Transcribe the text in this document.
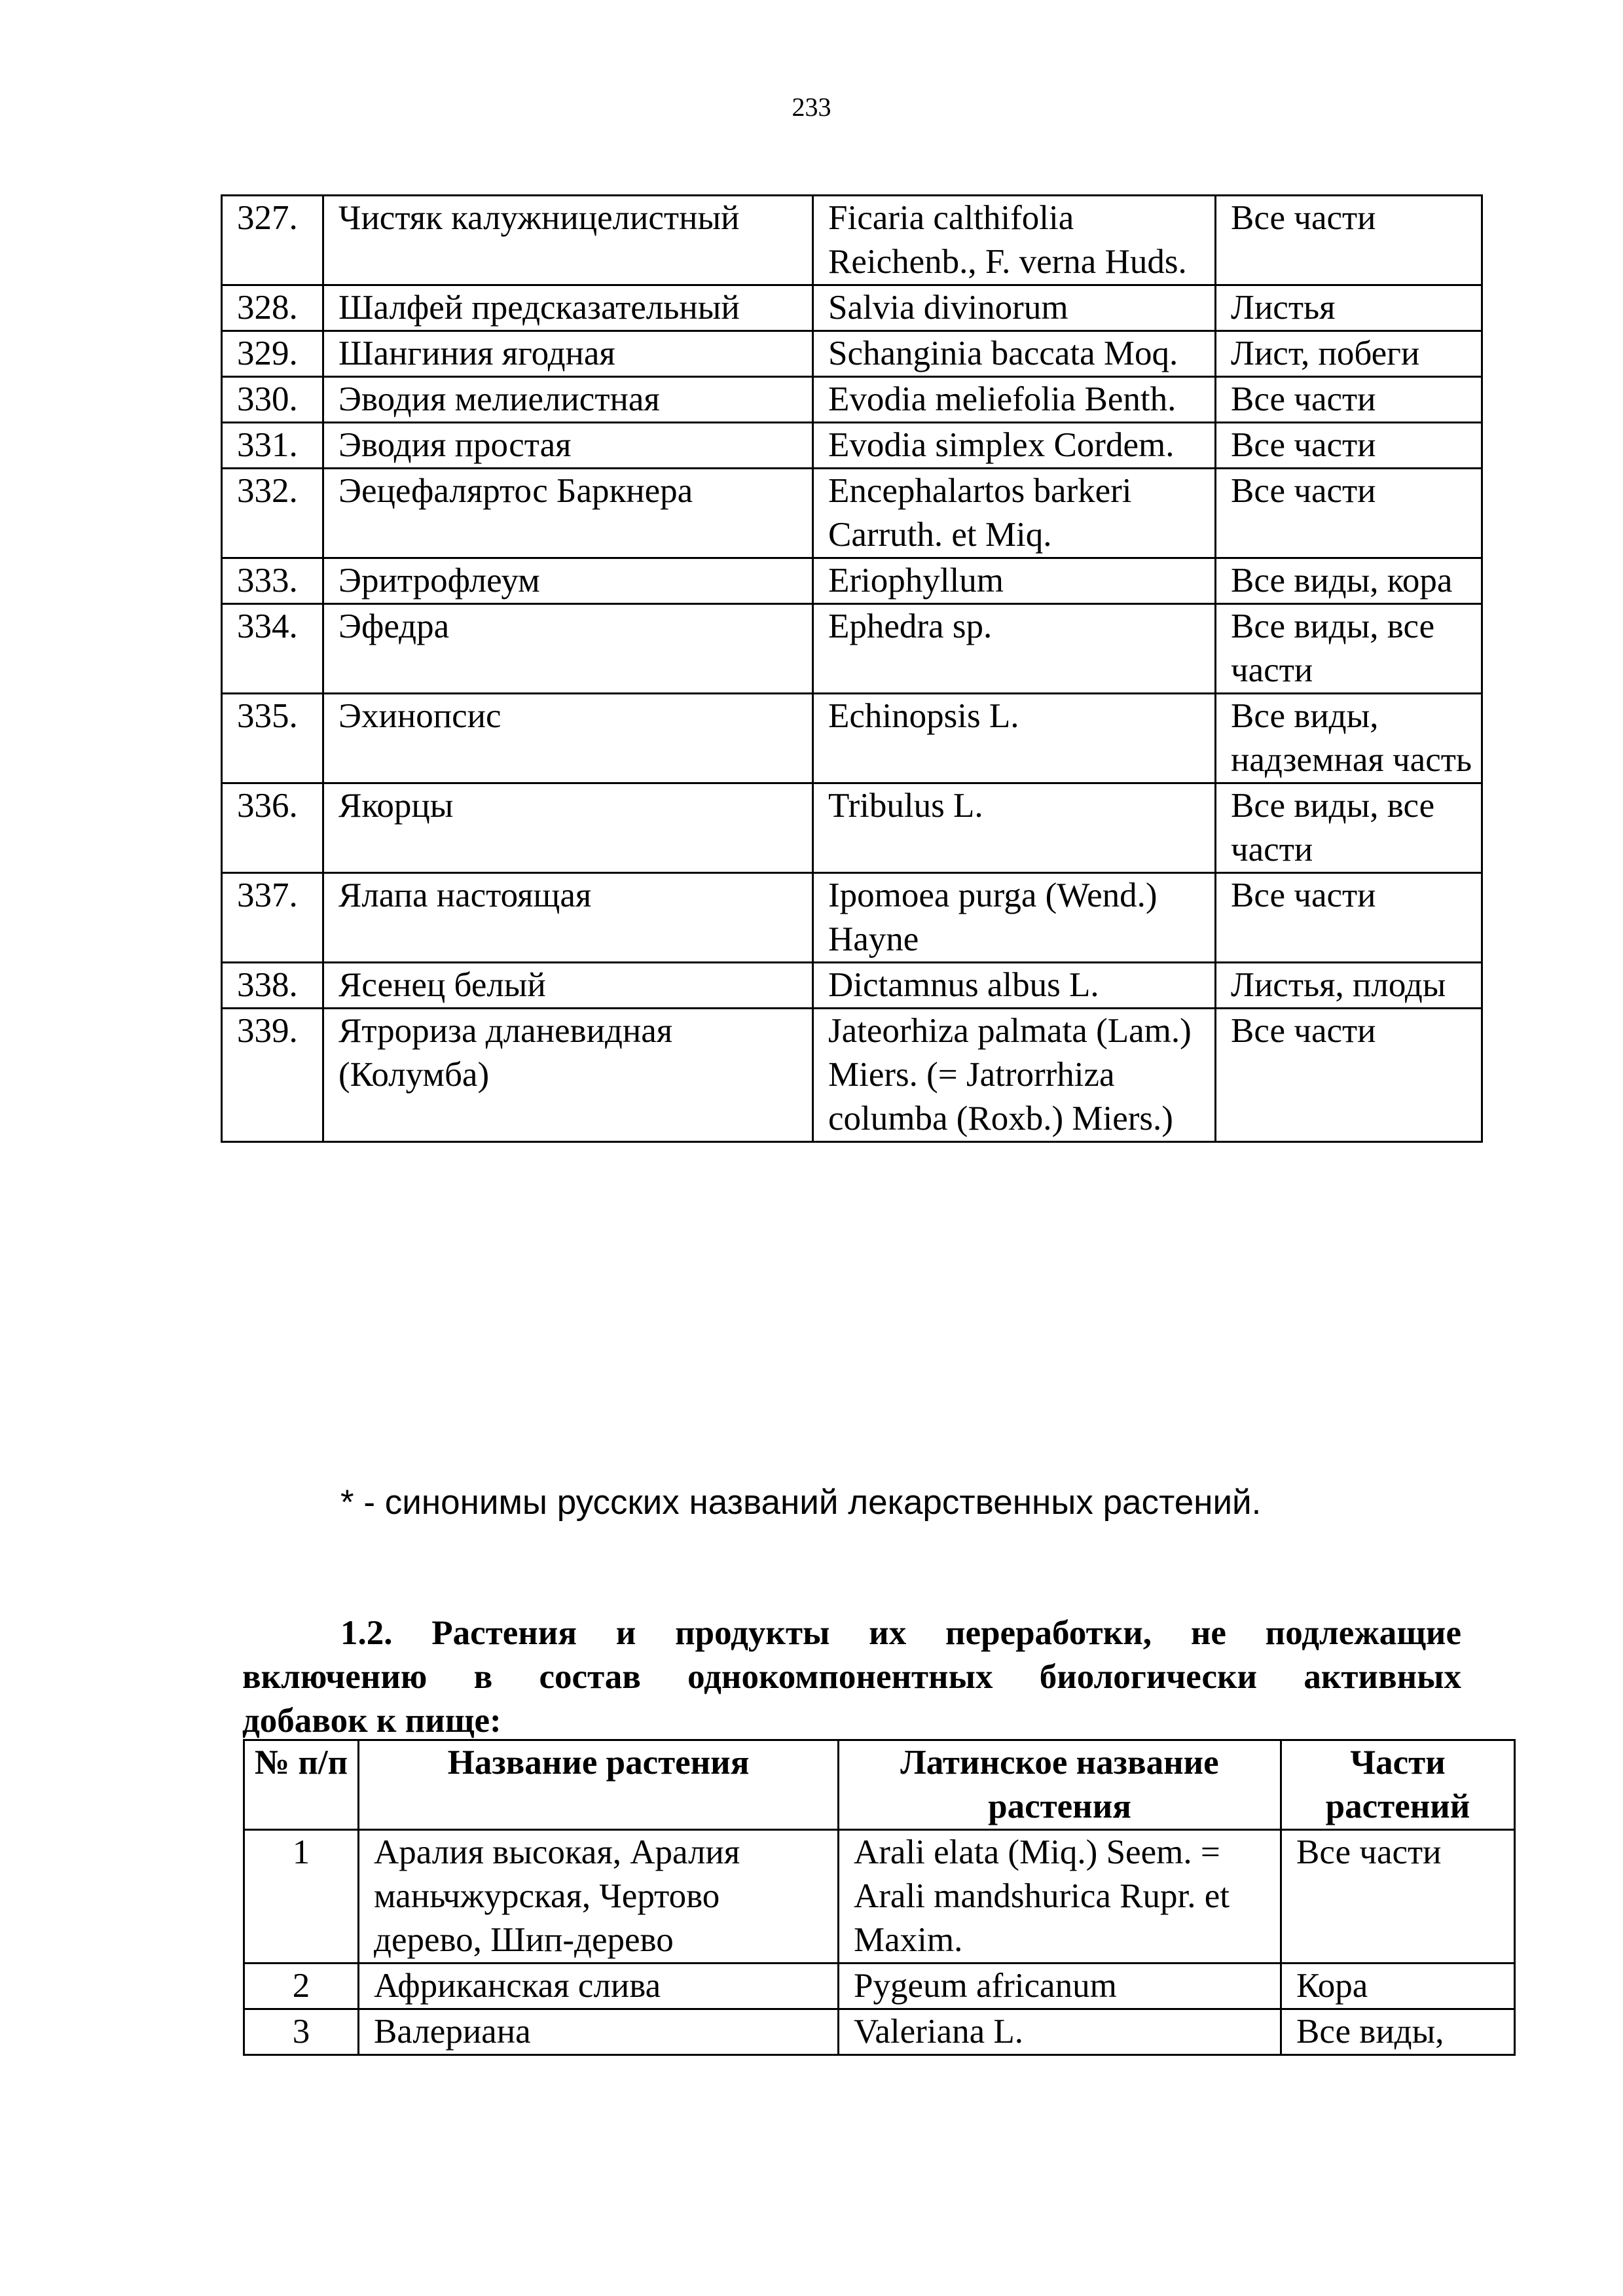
233
327.	Чистяк калужницелистный	Ficaria calthifolia Reichenb., F. verna Huds.	Все части
328.	Шалфей предсказательный	Salvia divinorum	Листья
329.	Шангиния ягодная	Schanginia baccata Moq.	Лист, побеги
330.	Эводия мелиелистная	Evodia meliefolia Benth.	Все части
331.	Эводия простая	Evodia simplex Cordem.	Все части
332.	Эецефаляртос Баркнера	Encephalartos barkeri Carruth. et Miq.	Все части
333.	Эритрофлеум	Eriophyllum	Все виды, кора
334.	Эфедра	Ephedra sp.	Все виды, все части
335.	Эхинопсис	Echinopsis L.	Все виды, надземная часть
336.	Якорцы	Tribulus L.	Все виды, все части
337.	Ялапа настоящая	Ipomoea purga (Wend.) Hayne	Все части
338.	Ясенец белый	Dictamnus albus L.	Листья, плоды
339.	Ятрориза дланевидная (Колумба)	Jateorhiza palmata (Lam.) Miers. (= Jatrorrhiza columba (Roxb.) Miers.)	Все части
* - синонимы русских названий лекарственных растений.
1.2. Растения и продукты их переработки, не подлежащие
включению в состав однокомпонентных биологически активных
добавок к пище:
№ п/п	Название растения	Латинское название растения	Части растений
1	Аралия высокая, Аралия маньчжурская, Чертово дерево, Шип-дерево	Arali elata (Miq.) Seem. = Arali mandshurica Rupr. et Maxim.	Все части
2	Африканская слива	Pygeum africanum	Кора
3	Валериана	Valeriana L.	Все виды,
